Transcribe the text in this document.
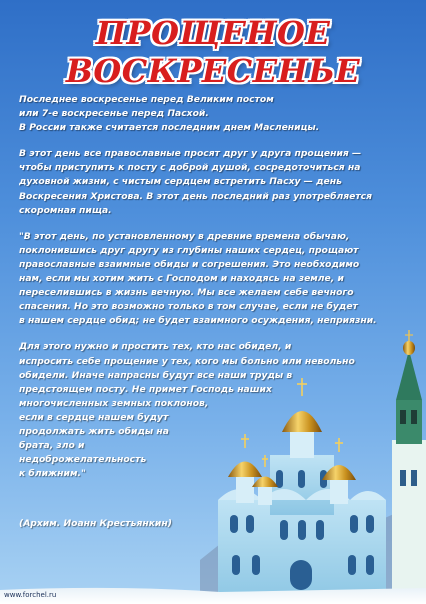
ПРОЩЕНОЕ ВОСКРЕСЕНЬЕ

Последнее воскресенье перед Великим постом
или 7-е воскресенье перед Пасхой.
В России также считается последним днем Масленицы.

В этот день все православные просят друг у друга прощения —
чтобы приступить к посту с доброй душой, сосредоточиться на
духовной жизни, с чистым сердцем встретить Пасху — день
Воскресения Христова. В этот день последний раз употребляется
скоромная пища.

"В этот день, по установленному в древние времена обычаю,
поклонившись друг другу из глубины наших сердец, прощают
православные взаимные обиды и согрешения. Это необходимо
нам, если мы хотим жить с Господом и находясь на земле, и
переселившись в жизнь вечную. Мы все желаем себе вечного
спасения. Но это возможно только в том случае, если не будет
в нашем сердце обид; не будет взаимного осуждения, неприязни.

Для этого нужно и простить тех, кто нас обидел, и
испросить себе прощение у тех, кого мы больно или невольно
обидели. Иначе напрасны будут все наши труды в
предстоящем посту. Не примет Господь наших
многочисленных земных поклонов,
если в сердце нашем будут
продолжать жить обиды на
брата, зло и
недоброжелательность
к ближним."

(Архим. Иоанн Крестьянкин)
www.forchel.ru
